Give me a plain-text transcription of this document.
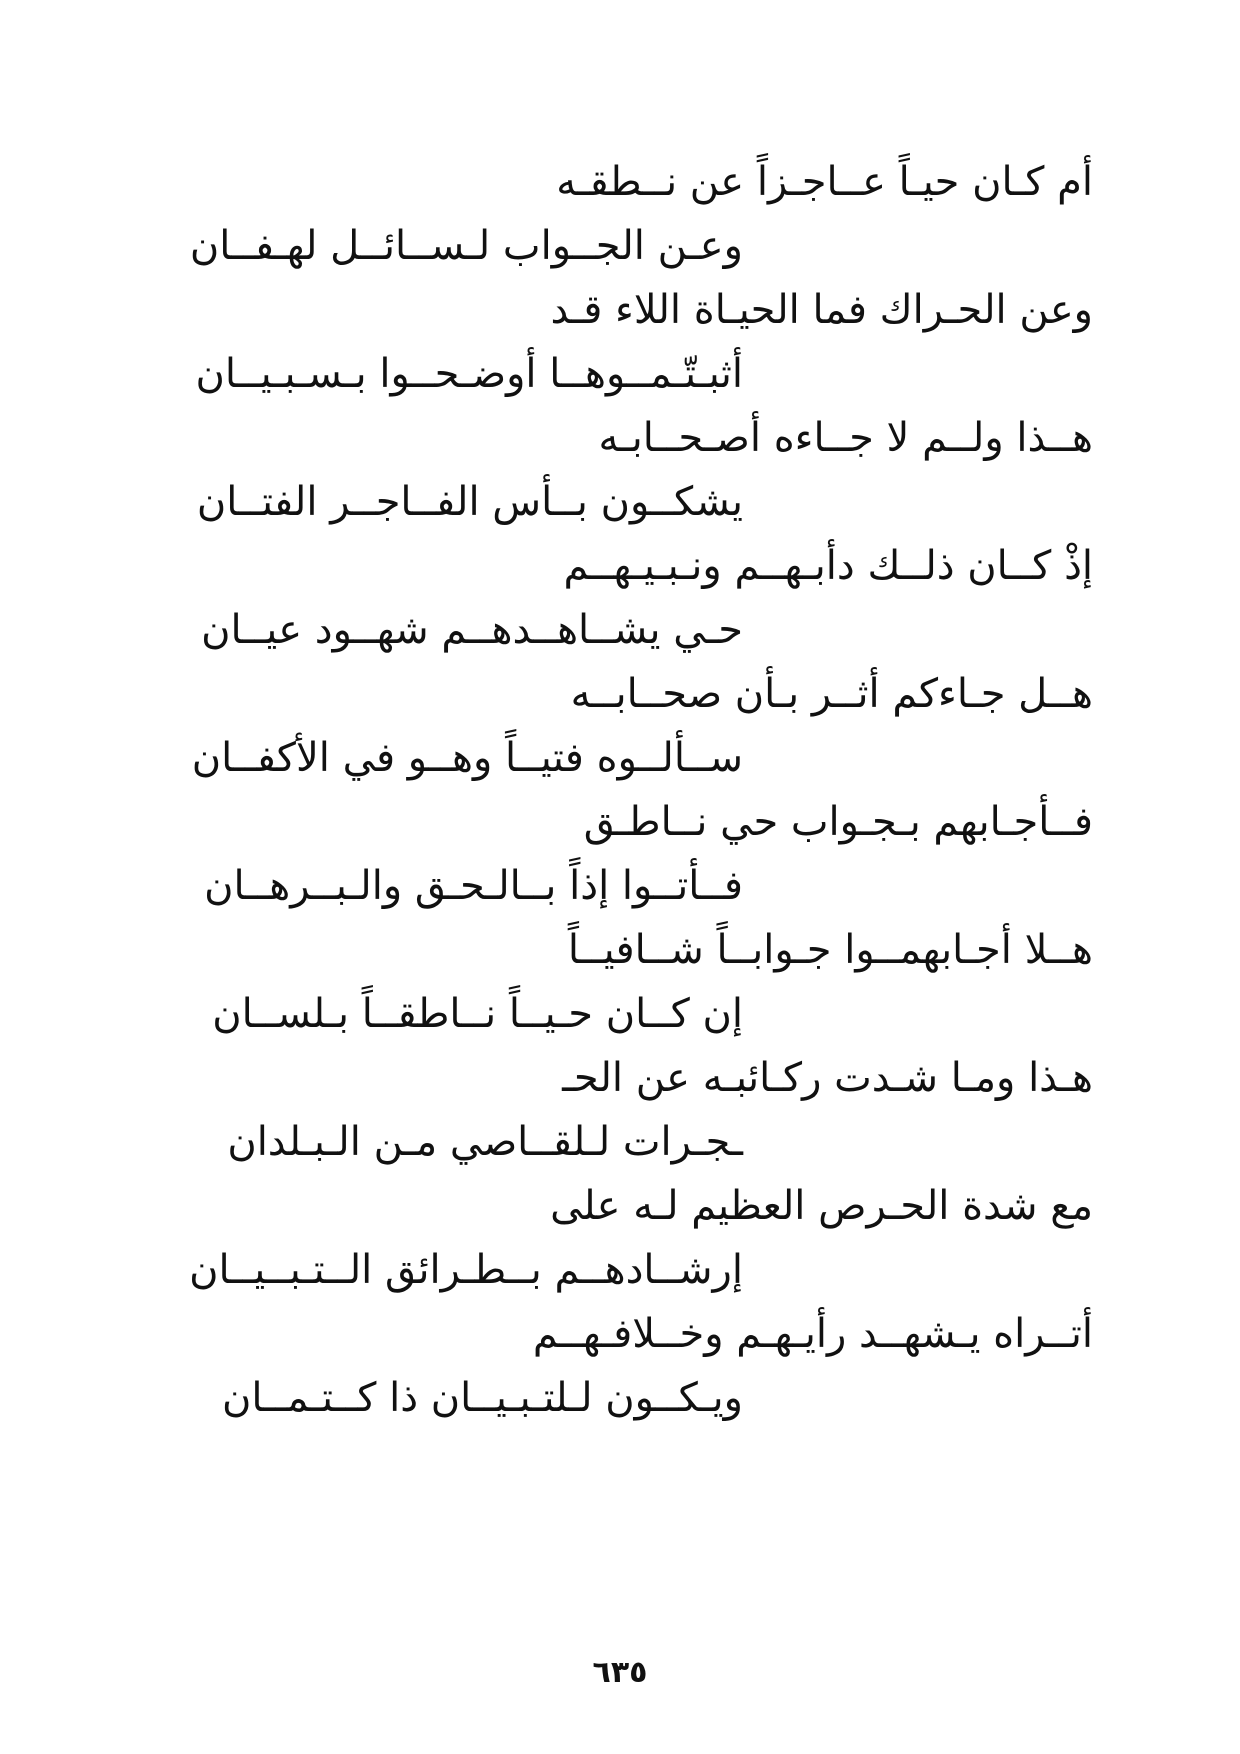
أم كـان حيـاً عــاجـزاً عن نــطقـه
وعـن الجــواب لـســائــل لهـفــان
وعن الحـراك فما الحيـاة اللاء قـد
أثبـتّـمــوهــا أوضـحــوا بـسـبـيــان
هــذا ولــم لا جــاءه أصـحــابـه
يشكــون بــأس الفــاجــر الفتــان
إذْ كــان ذلــك دأبـهــم ونـبـيـهــم
حـي يشــاهــدهــم شهــود عيــان
هــل جـاءكم أثــر بـأن صحــابــه
ســألــوه فتيــاً وهــو في الأكفــان
فــأجـابهم بـجـواب حي نــاطـق
فــأتــوا إذاً بــالـحـق والـبــرهــان
هــلا أجـابهمــوا جـوابــاً شــافيــاً
إن كــان حـيــاً نــاطقــاً بـلســان
هـذا ومـا شـدت ركـائبـه عن الحـ
ـجـرات لـلقــاصي مـن الـبـلدان
مع شدة الحـرص العظيم لـه على
إرشــادهــم بــطـرائق الــتـبــيــان
أتــراه يـشهــد رأيـهـم وخــلافـهــم
ويـكــون لـلتـبـيــان ذا كــتـمــان
٦٣٥
